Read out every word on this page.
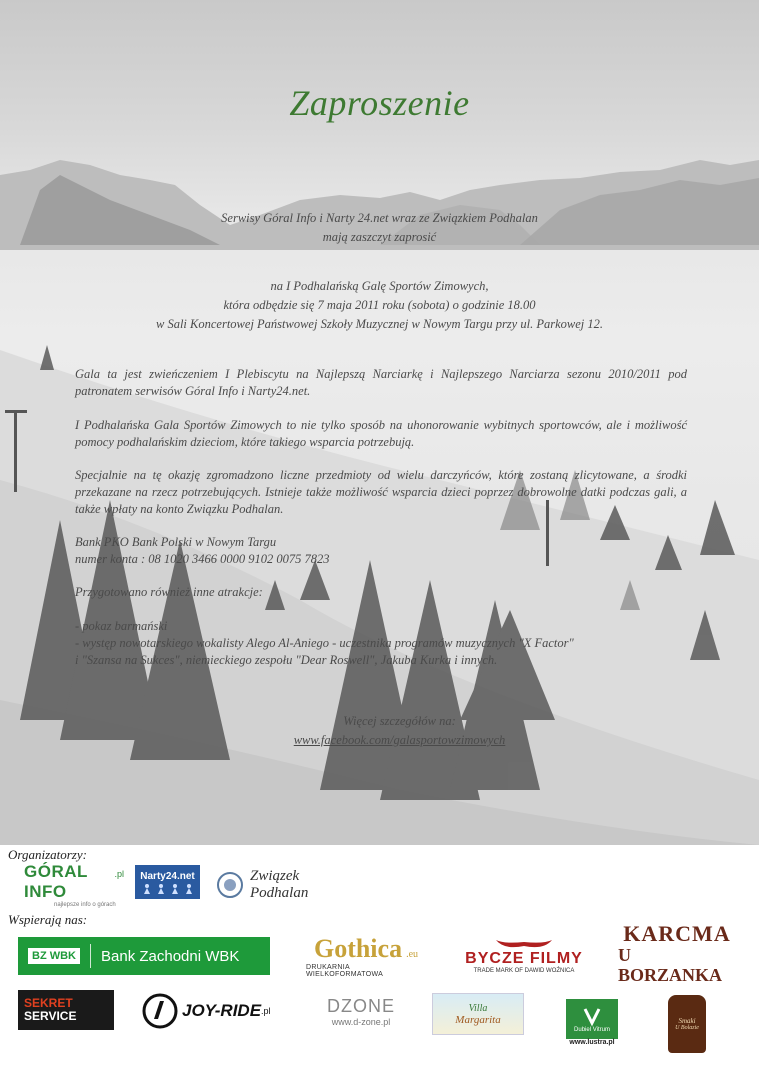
Zaproszenie
Serwisy Góral Info i Narty 24.net wraz ze Związkiem Podhalan
mają zaszczyt zaprosić
na I Podhalańską Galę Sportów Zimowych,
która odbędzie się 7 maja 2011 roku (sobota) o godzinie 18.00
w Sali Koncertowej Państwowej Szkoły Muzycznej w Nowym Targu przy ul. Parkowej 12.
Gala ta jest zwieńczeniem I Plebiscytu na Najlepszą Narciarkę i Najlepszego Narciarza sezonu 2010/2011 pod patronatem serwisów Góral Info i Narty24.net.
I Podhalańska Gala Sportów Zimowych to nie tylko sposób na uhonorowanie wybitnych sportowców, ale i możliwość pomocy podhalańskim dzieciom, które takiego wsparcia potrzebują.
Specjalnie na tę okazję zgromadzono liczne przedmioty od wielu darczyńców, które zostaną zlicytowane, a środki przekazane na rzecz potrzebujących. Istnieje także możliwość wsparcia dzieci poprzez dobrowolne datki podczas gali, a także wpłaty na konto Związku Podhalan.
Bank PKO Bank Polski w Nowym Targu
numer konta : 08 1020 3466 0000 9102 0075 7823
Przygotowano również inne atrakcje:
- pokaz barmański
- występ nowotarskiego wokalisty Alego Al-Aniego - uczestnika programów muzycznych "X Factor"
i "Szansa na Sukces", niemieckiego zespołu "Dear Roswell", Jakuba Kurka i innych.
Więcej szczegółów na:
www.facebook.com/galasportowzimowych
Organizatorzy:
GÓRAL INFO
.pl
najlepsze info o górach
Narty24.net	Związek
Podhalan
Wspierają nas:
BZ WBK Bank Zachodni WBK	Gothica .eu
DRUKARNIA WIELKOFORMATOWA
BYCZE FILMY
TRADE MARK OF DAWID WOŹNICA
KARCMA
U BORZANKA
SEKRET
SERVICE	JOY-RIDE .pl	DZONE
www.d-zone.pl
Villa
Margarita
Dubiel Vitrum
www.lustra.pl
Smaki
U Bolazie
